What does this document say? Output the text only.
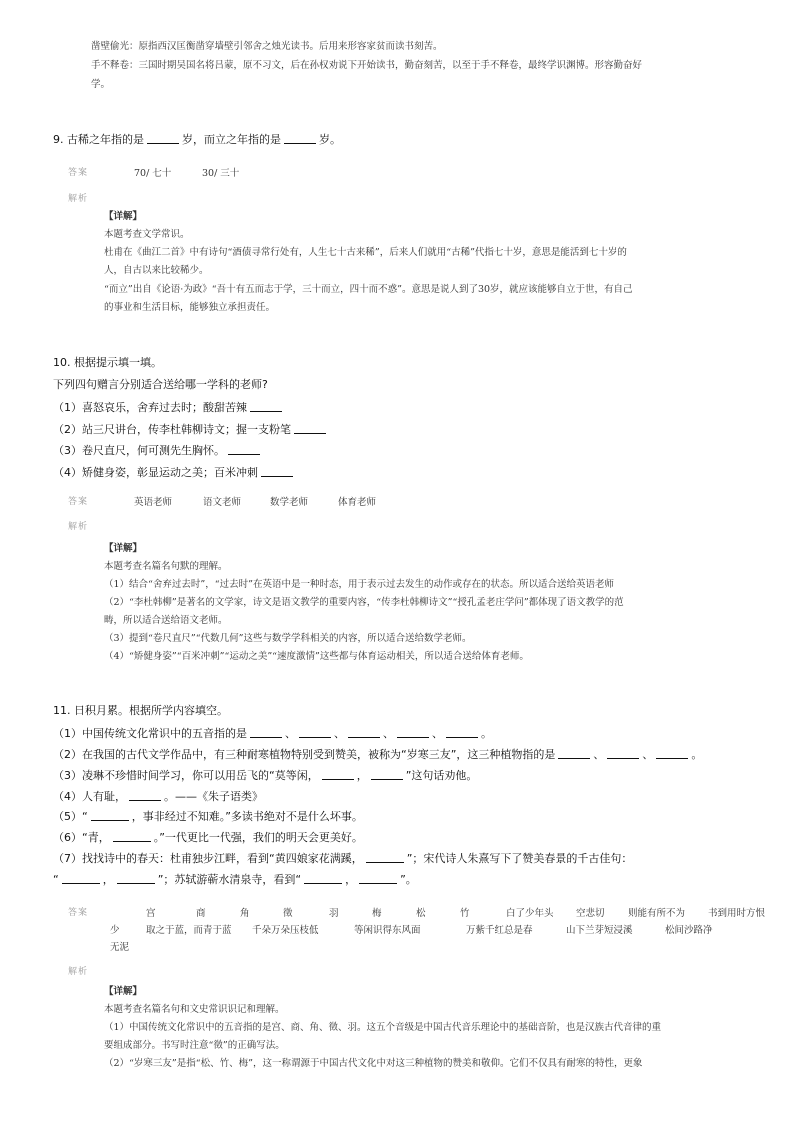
凿壁偷光：原指西汉匡衡凿穿墙壁引邻舍之烛光读书。后用来形容家贫而读书刻苦。
手不释卷：三国时期吴国名将吕蒙，原不习文，后在孙权劝说下开始读书，勤奋刻苦，以至于手不释卷，最终学识渊博。形容勤奋好
学。
9. 古稀之年指的是	岁，而立之年指的是	岁。
答案	70/ 七十	30/ 三十
解析
【详解】
本题考查文学常识。
杜甫在《曲江二首》中有诗句“酒债寻常行处有，人生七十古来稀”，后来人们就用“古稀”代指七十岁，意思是能活到七十岁的
人，自古以来比较稀少。
“而立”出自《论语·为政》“吾十有五而志于学，三十而立，四十而不惑”。意思是说人到了30岁，就应该能够自立于世，有自己
的事业和生活目标，能够独立承担责任。
10. 根据提示填一填。
下列四句赠言分别适合送给哪一学科的老师?
（1）喜怒哀乐，舍弃过去时；酸甜苦辣
（2）站三尺讲台，传李杜韩柳诗文；握一支粉笔
（3）卷尺直尺，何可测先生胸怀。
（4）矫健身姿，彰显运动之美；百米冲刺
答案	英语老师	语文老师	数学老师	体育老师
解析
【详解】
本题考查名篇名句默的理解。
（1）结合“舍弃过去时”，“过去时”在英语中是一种时态，用于表示过去发生的动作或存在的状态。所以适合送给英语老师
（2）“李杜韩柳”是著名的文学家，诗文是语文教学的重要内容，“传李杜韩柳诗文”“授孔孟老庄学问”都体现了语文教学的范
畴，所以适合送给语文老师。
（3）提到“卷尺直尺”“代数几何”这些与数学学科相关的内容，所以适合送给数学老师。
（4）“矫健身姿”“百米冲刺”“运动之美”“速度激情”这些都与体育运动相关，所以适合送给体育老师。
11. 日积月累。根据所学内容填空。
（1）中国传统文化常识中的五音指的是	、	、	、	、	。
（2）在我国的古代文学作品中，有三种耐寒植物特别受到赞美，被称为“岁寒三友”，这三种植物指的是	、	、	。
（3）凌琳不珍惜时间学习，你可以用岳飞的“莫等闲，	，	”这句话劝他。
（4）人有耻，	。——《朱子语类》
（5）“	，事非经过不知难。”多读书绝对不是什么坏事。
（6）“青，	。”一代更比一代强，我们的明天会更美好。
（7）找找诗中的春天：杜甫独步江畔，看到“黄四娘家花满蹊，	”；宋代诗人朱熹写下了赞美春景的千古佳句：
“	，	”；苏轼游蕲水清泉寺，看到“	，	”。
答案	宫	商	角	徵	羽	梅	松	竹	白了少年头 空悲切 则能有所不为 书到用时方恨
少	取之于蓝，而青于蓝 千朵万朵压枝低	等闲识得东风面	万紫千红总是春	山下兰芽短浸溪	松间沙路净
无泥
解析
【详解】
本题考查名篇名句和文史常识识记和理解。
（1）中国传统文化常识中的五音指的是宫、商、角、徵、羽。这五个音级是中国古代音乐理论中的基础音阶，也是汉族古代音律的重
要组成部分。书写时注意“徵”的正确写法。
（2）“岁寒三友”是指“松、竹、梅”，这一称谓源于中国古代文化中对这三种植物的赞美和敬仰。它们不仅具有耐寒的特性，更象
